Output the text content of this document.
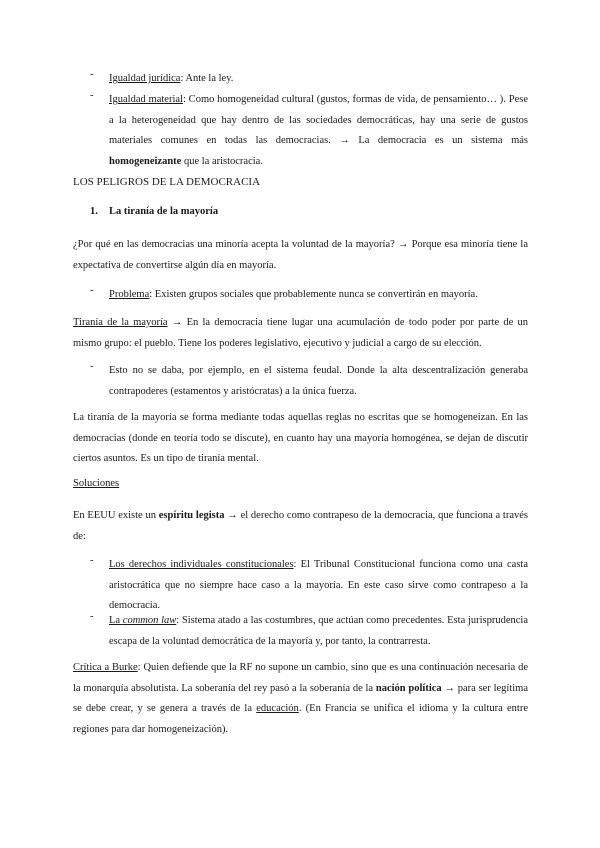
-	Igualdad jurídica: Ante la ley.
-	Igualdad material: Como homogeneidad cultural (gustos, formas de vida, de pensamiento… ). Pese a la heterogeneidad que hay dentro de las sociedades democráticas, hay una serie de gustos materiales comunes en todas las democracias. → La democracia es un sistema más homogeneizante que la aristocracia.
LOS PELIGROS DE LA DEMOCRACIA
1. La tiranía de la mayoría
¿Por qué en las democracias una minoría acepta la voluntad de la mayoría? → Porque esa minoría tiene la expectativa de convertirse algún día en mayoría.
-	Problema: Existen grupos sociales que probablemente nunca se convertirán en mayoría.
Tiranía de la mayoría → En la democracia tiene lugar una acumulación de todo poder por parte de un mismo grupo: el pueblo. Tiene los poderes legislativo, ejecutivo y judicial a cargo de su elección.
-	Esto no se daba, por ejemplo, en el sistema feudal. Donde la alta descentralización generaba contrapoderes (estamentos y aristócratas) a la única fuerza.
La tiranía de la mayoría se forma mediante todas aquellas reglas no escritas que se homogeneizan. En las democracias (donde en teoría todo se discute), en cuanto hay una mayoría homogénea, se dejan de discutir ciertos asuntos. Es un tipo de tiranía mental.
Soluciones
En EEUU existe un espíritu legista → el derecho como contrapeso de la democracia, que funciona a través de:
-	Los derechos individuales constitucionales: El Tribunal Constitucional funciona como una casta aristocrática que no siempre hace caso a la mayoría. En este caso sirve como contrapeso a la democracia.
-	La common law: Sistema atado a las costumbres, que actúan como precedentes. Esta jurisprudencia escapa de la voluntad democrática de la mayoría y, por tanto, la contrarresta.
Crítica a Burke: Quien defiende que la RF no supone un cambio, sino que es una continuación necesaria de la monarquía absolutista. La soberanía del rey pasó a la soberanía de la nación política → para ser legítima se debe crear, y se genera a través de la educación. (En Francia se unifica el idioma y la cultura entre regiones para dar homogeneización).
